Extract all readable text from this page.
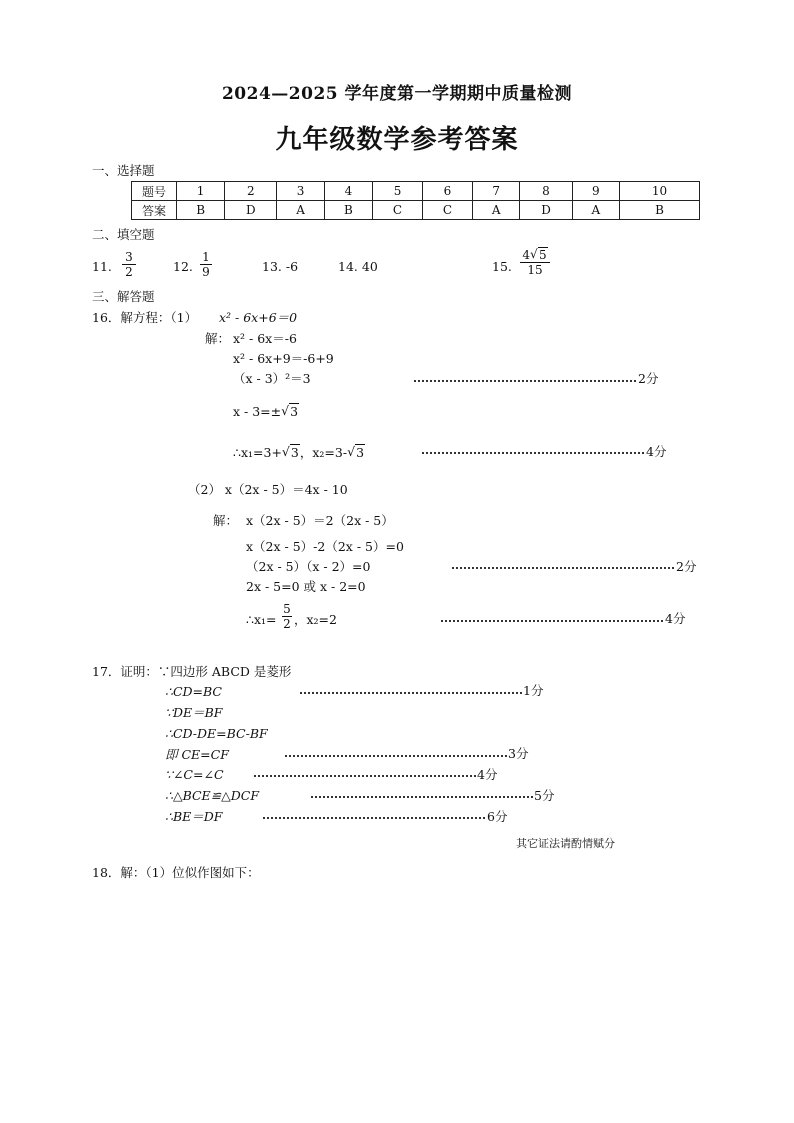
2024—2025 学年度第一学期期中质量检测
九年级数学参考答案
一、选择题
题号	1	2	3	4	5	6	7	8	9	10
答案	B	D	A	B	C	C	A	D	A	B
二、填空题
11. $\frac{3}{2}$	12. $\frac{1}{9}$	13. -6	14. 40	15. $\frac{4 √ 5}{15}$
三、解答题
16．解方程：（1） x² - 6x+6＝0
解： x² - 6x＝-6
x² - 6x+9＝-6+9
（x - 3）²＝3	2分
x - 3=± √ 3
∴x₁=3+ √ 3，x₂=3- √ 3	4分
（2） x（2x - 5）＝4x - 10
解： x（2x - 5）＝2（2x - 5）
x（2x - 5）-2（2x - 5）=0
（2x - 5）（x - 2）=0	2分
2x - 5=0 或 x - 2=0
∴x₁= $\frac{5}{2}$ ，x₂=2	4分
17．证明：∵四边形 ABCD 是菱形
∴CD=BC	1分
∵DE＝BF
∴CD-DE=BC-BF
即 CE=CF	3分
∵∠C=∠C	4分
∴△BCE≌△DCF	5分
∴BE＝DF	6分
其它证法请酌情赋分
18．解：（1）位似作图如下：
